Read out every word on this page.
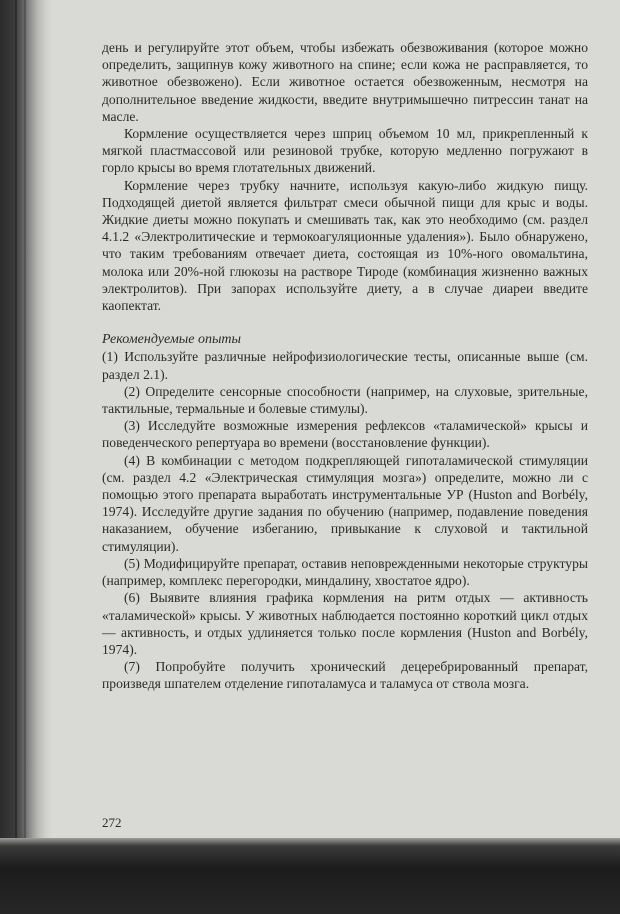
день и регулируйте этот объем, чтобы избежать обезвоживания (которое можно определить, защипнув кожу животного на спине; если кожа не расправляется, то животное обезвожено). Если животное остается обезвоженным, несмотря на дополнительное введение жидкости, введите внутримышечно питрессин танат на масле.

Кормление осуществляется через шприц объемом 10 мл, прикрепленный к мягкой пластмассовой или резиновой трубке, которую медленно погружают в горло крысы во время глотательных движений.

Кормление через трубку начните, используя какую-либо жидкую пищу. Подходящей диетой является фильтрат смеси обычной пищи для крыс и воды. Жидкие диеты можно покупать и смешивать так, как это необходимо (см. раздел 4.1.2 «Электролитические и термокоагуляционные удаления»). Было обнаружено, что таким требованиям отвечает диета, состоящая из 10%-ного овомальтина, молока или 20%-ной глюкозы на растворе Тироде (комбинация жизненно важных электролитов). При запорах используйте диету, а в случае диареи введите каопектат.

Рекомендуемые опыты

(1) Используйте различные нейрофизиологические тесты, описанные выше (см. раздел 2.1).

(2) Определите сенсорные способности (например, на слуховые, зрительные, тактильные, термальные и болевые стимулы).

(3) Исследуйте возможные измерения рефлексов «таламической» крысы и поведенческого репертуара во времени (восстановление функции).

(4) В комбинации с методом подкрепляющей гипоталамической стимуляции (см. раздел 4.2 «Электрическая стимуляция мозга») определите, можно ли с помощью этого препарата выработать инструментальные УР (Huston and Borbély, 1974). Исследуйте другие задания по обучению (например, подавление поведения наказанием, обучение избеганию, привыкание к слуховой и тактильной стимуляции).

(5) Модифицируйте препарат, оставив неповрежденными некоторые структуры (например, комплекс перегородки, миндалину, хвостатое ядро).

(6) Выявите влияния графика кормления на ритм отдых — активность «таламической» крысы. У животных наблюдается постоянно короткий цикл отдых — активность, и отдых удлиняется только после кормления (Huston and Borbély, 1974).

(7) Попробуйте получить хронический децеребрированный препарат, произведя шпателем отделение гипоталамуса и таламуса от ствола мозга.

272
